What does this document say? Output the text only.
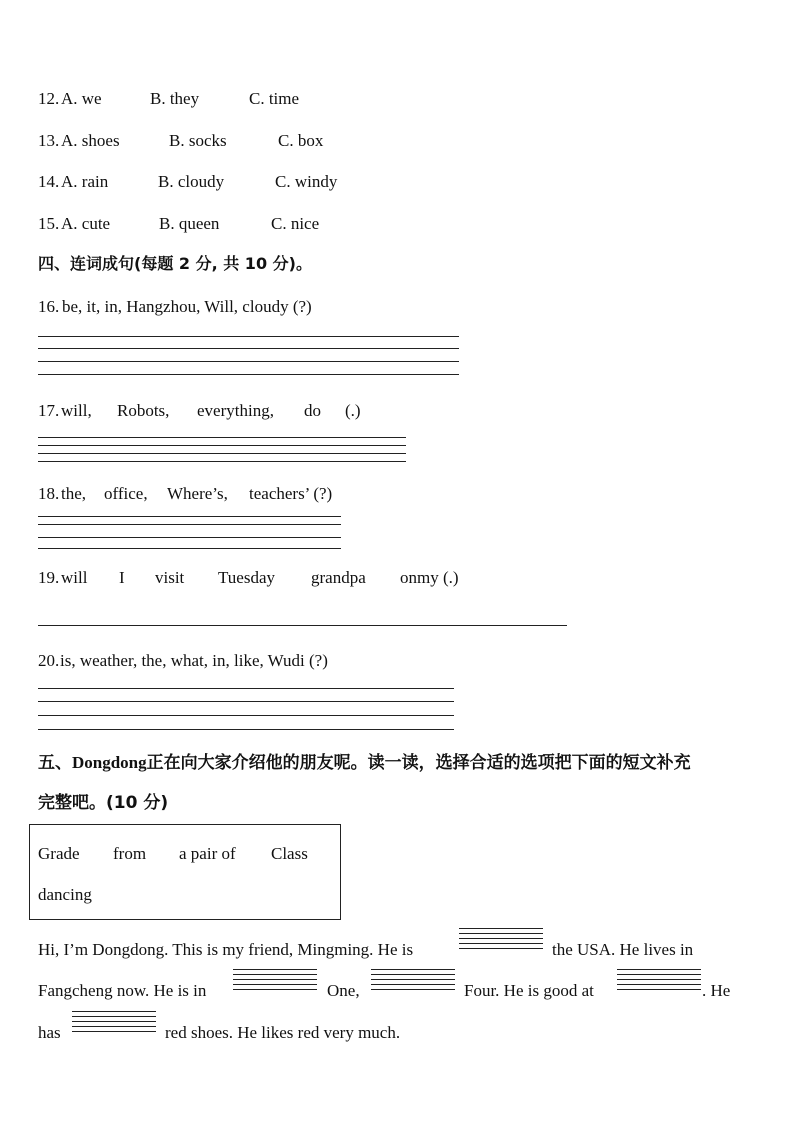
12. A. we	B. they	C. time
13. A. shoes	B. socks	C. box
14. A. rain	B. cloudy	C. windy
15. A. cute	B. queen	C. nice
四、连词成句(每题 2 分, 共 10 分)。
16. be, it, in, Hangzhou, Will, cloudy (?)
17. will, Robots, everything, do (.)
18. the, office, Where’s, teachers’ (?)
19. will I visit Tuesday grandpa onmy (.)
20. is, weather, the, what, in, like, Wudi (?)
五、Dongdong正在向大家介绍他的朋友呢。读一读，选择合适的选项把下面的短文补充
完整吧。(10 分)
Grade from a pair of Class
dancing
Hi, I’m Dongdong. This is my friend, Mingming. He is	the USA. He lives in
Fangcheng now. He is in	One,	Four. He is good at	. He
has	red shoes. He likes red very much.
